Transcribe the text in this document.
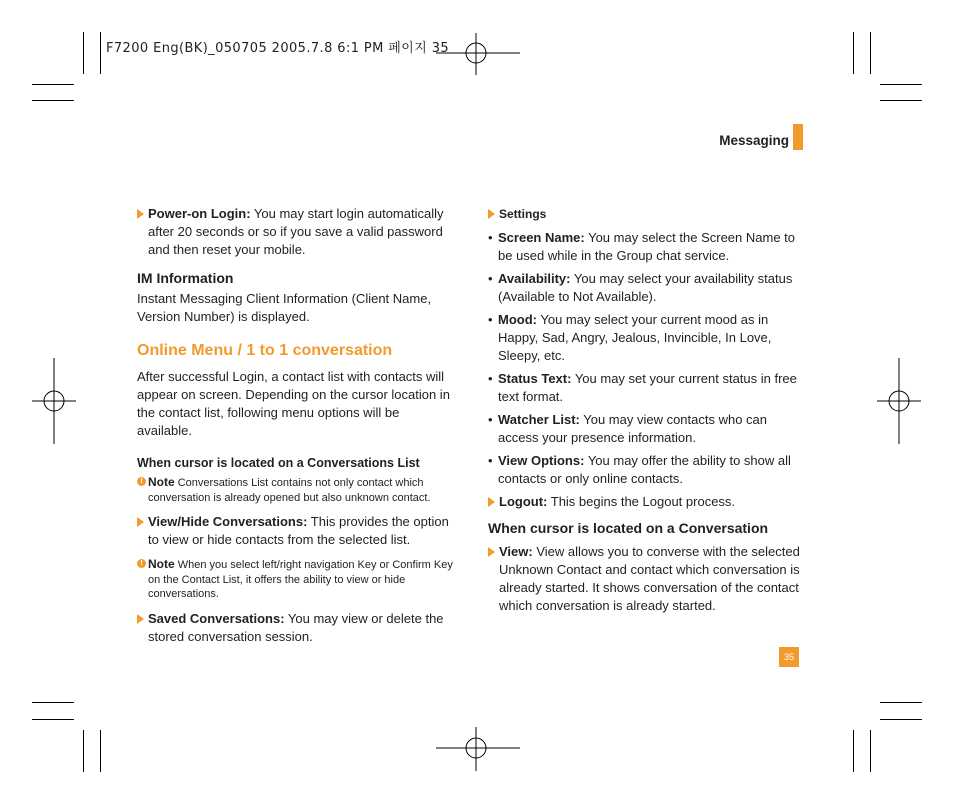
F7200 Eng(BK)_050705 2005.7.8 6:1 PM 페이지 35
Messaging
Power-on Login: You may start login automatically after 20 seconds or so if you save a valid password and then reset your mobile.
IM Information

Instant Messaging Client Information (Client Name, Version Number) is displayed.

Online Menu / 1 to 1 conversation

After successful Login, a contact list with contacts will appear on screen. Depending on the cursor location in the contact list, following menu options will be available.

When cursor is located on a Conversations List
! Note Conversations List contains not only contact which conversation is already opened but also unknown contact.
View/Hide Conversations: This provides the option to view or hide contacts from the selected list.
! Note When you select left/right navigation Key or Confirm Key on the Contact List, it offers the ability to view or hide conversations.
Saved Conversations: You may view or delete the stored conversation session.
Settings
• Screen Name: You may select the Screen Name to be used while in the Group chat service.
• Availability: You may select your availability status (Available to Not Available).
• Mood: You may select your current mood as in Happy, Sad, Angry, Jealous, Invincible, In Love, Sleepy, etc.
• Status Text: You may set your current status in free text format.
• Watcher List: You may view contacts who can access your presence information.
• View Options: You may offer the ability to show all contacts or only online contacts.
Logout: This begins the Logout process.
When cursor is located on a Conversation
View: View allows you to converse with the selected Unknown Contact and contact which conversation is already started. It shows conversation of the contact which conversation is already started.
35
